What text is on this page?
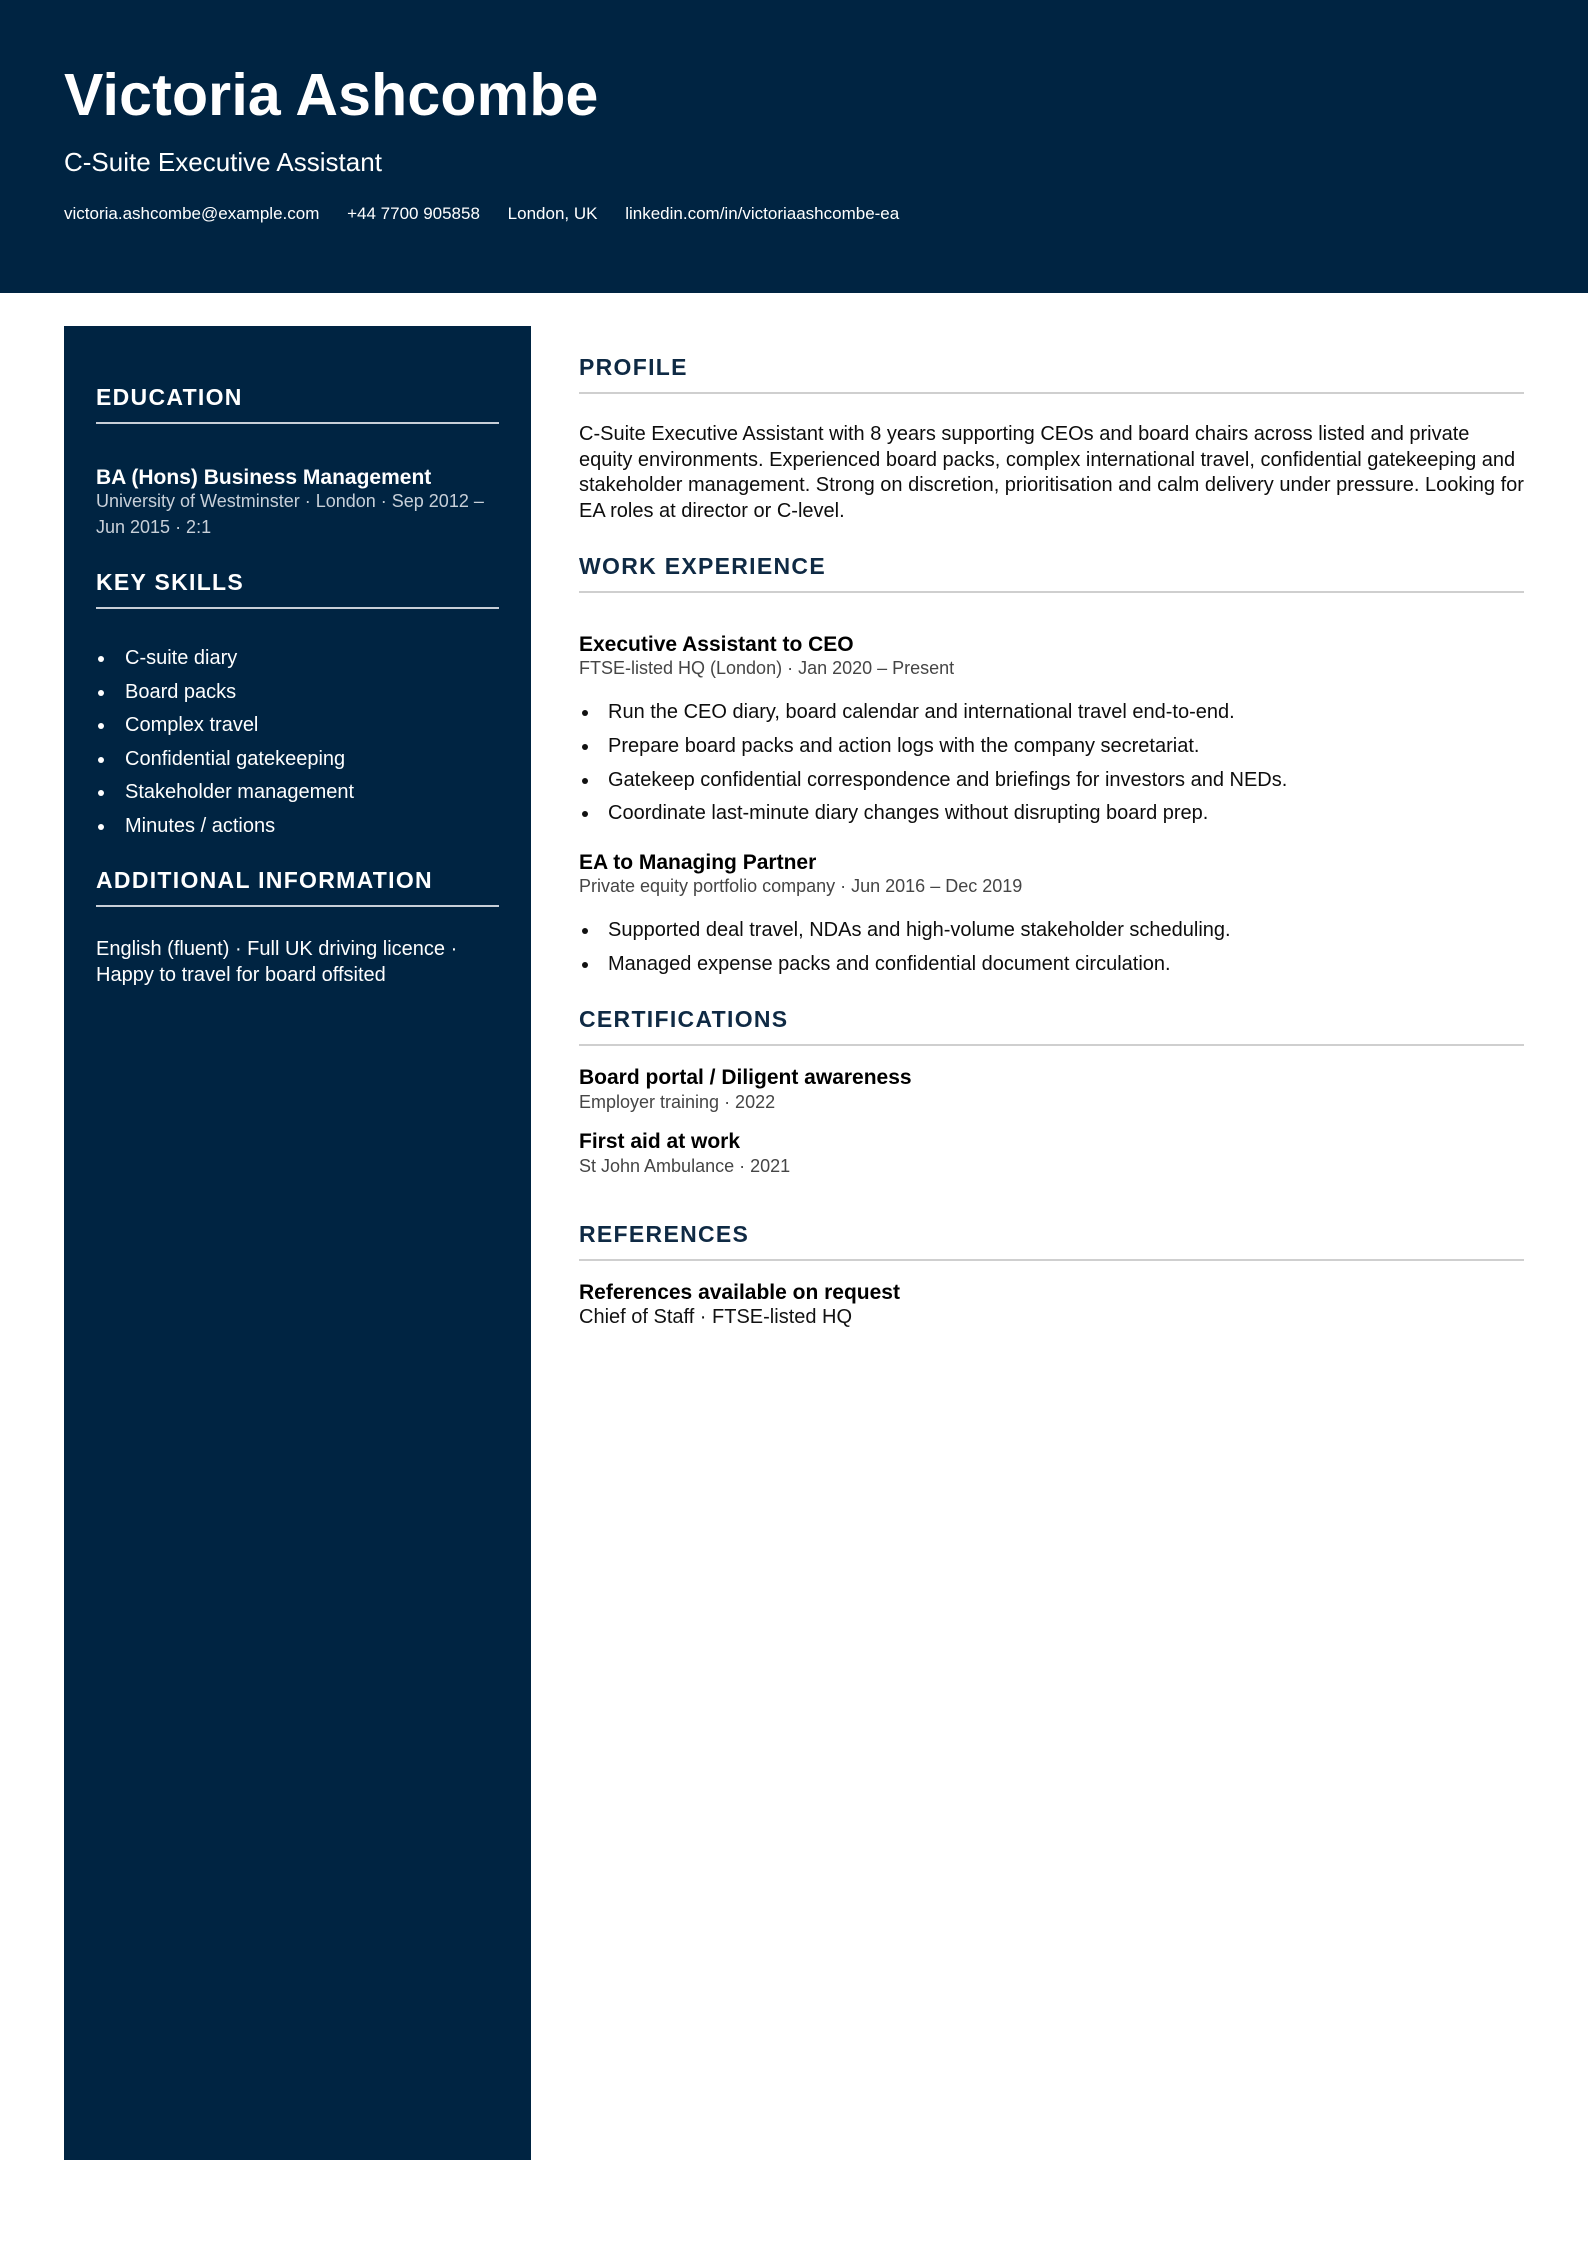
Victoria Ashcombe
C-Suite Executive Assistant
victoria.ashcombe@example.com +44 7700 905858 London, UK linkedin.com/in/victoriaashcombe-ea
EDUCATION
BA (Hons) Business Management
University of Westminster · London · Sep 2012 – Jun 2015 · 2:1
KEY SKILLS
C-suite diary
Board packs
Complex travel
Confidential gatekeeping
Stakeholder management
Minutes / actions
ADDITIONAL INFORMATION
English (fluent) · Full UK driving licence · Happy to travel for board offsited
PROFILE

C-Suite Executive Assistant with 8 years supporting CEOs and board chairs across listed and private equity environments. Experienced board packs, complex international travel, confidential gatekeeping and stakeholder management. Strong on discretion, prioritisation and calm delivery under pressure. Looking for EA roles at director or C-level.

WORK EXPERIENCE
Executive Assistant to CEO
FTSE-listed HQ (London) · Jan 2020 – Present
Run the CEO diary, board calendar and international travel end-to-end.
Prepare board packs and action logs with the company secretariat.
Gatekeep confidential correspondence and briefings for investors and NEDs.
Coordinate last-minute diary changes without disrupting board prep.
EA to Managing Partner
Private equity portfolio company · Jun 2016 – Dec 2019
Supported deal travel, NDAs and high-volume stakeholder scheduling.
Managed expense packs and confidential document circulation.
CERTIFICATIONS
Board portal / Diligent awareness
Employer training · 2022
First aid at work
St John Ambulance · 2021
REFERENCES
References available on request
Chief of Staff · FTSE-listed HQ
